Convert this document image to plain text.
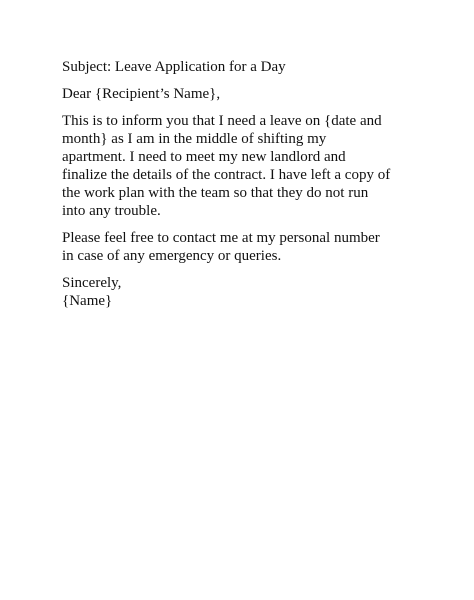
Subject: Leave Application for a Day
Dear {Recipient’s Name},
This is to inform you that I need a leave on {date and
month} as I am in the middle of shifting my
apartment. I need to meet my new landlord and
finalize the details of the contract. I have left a copy of
the work plan with the team so that they do not run
into any trouble.
Please feel free to contact me at my personal number
in case of any emergency or queries.
Sincerely,
{Name}
